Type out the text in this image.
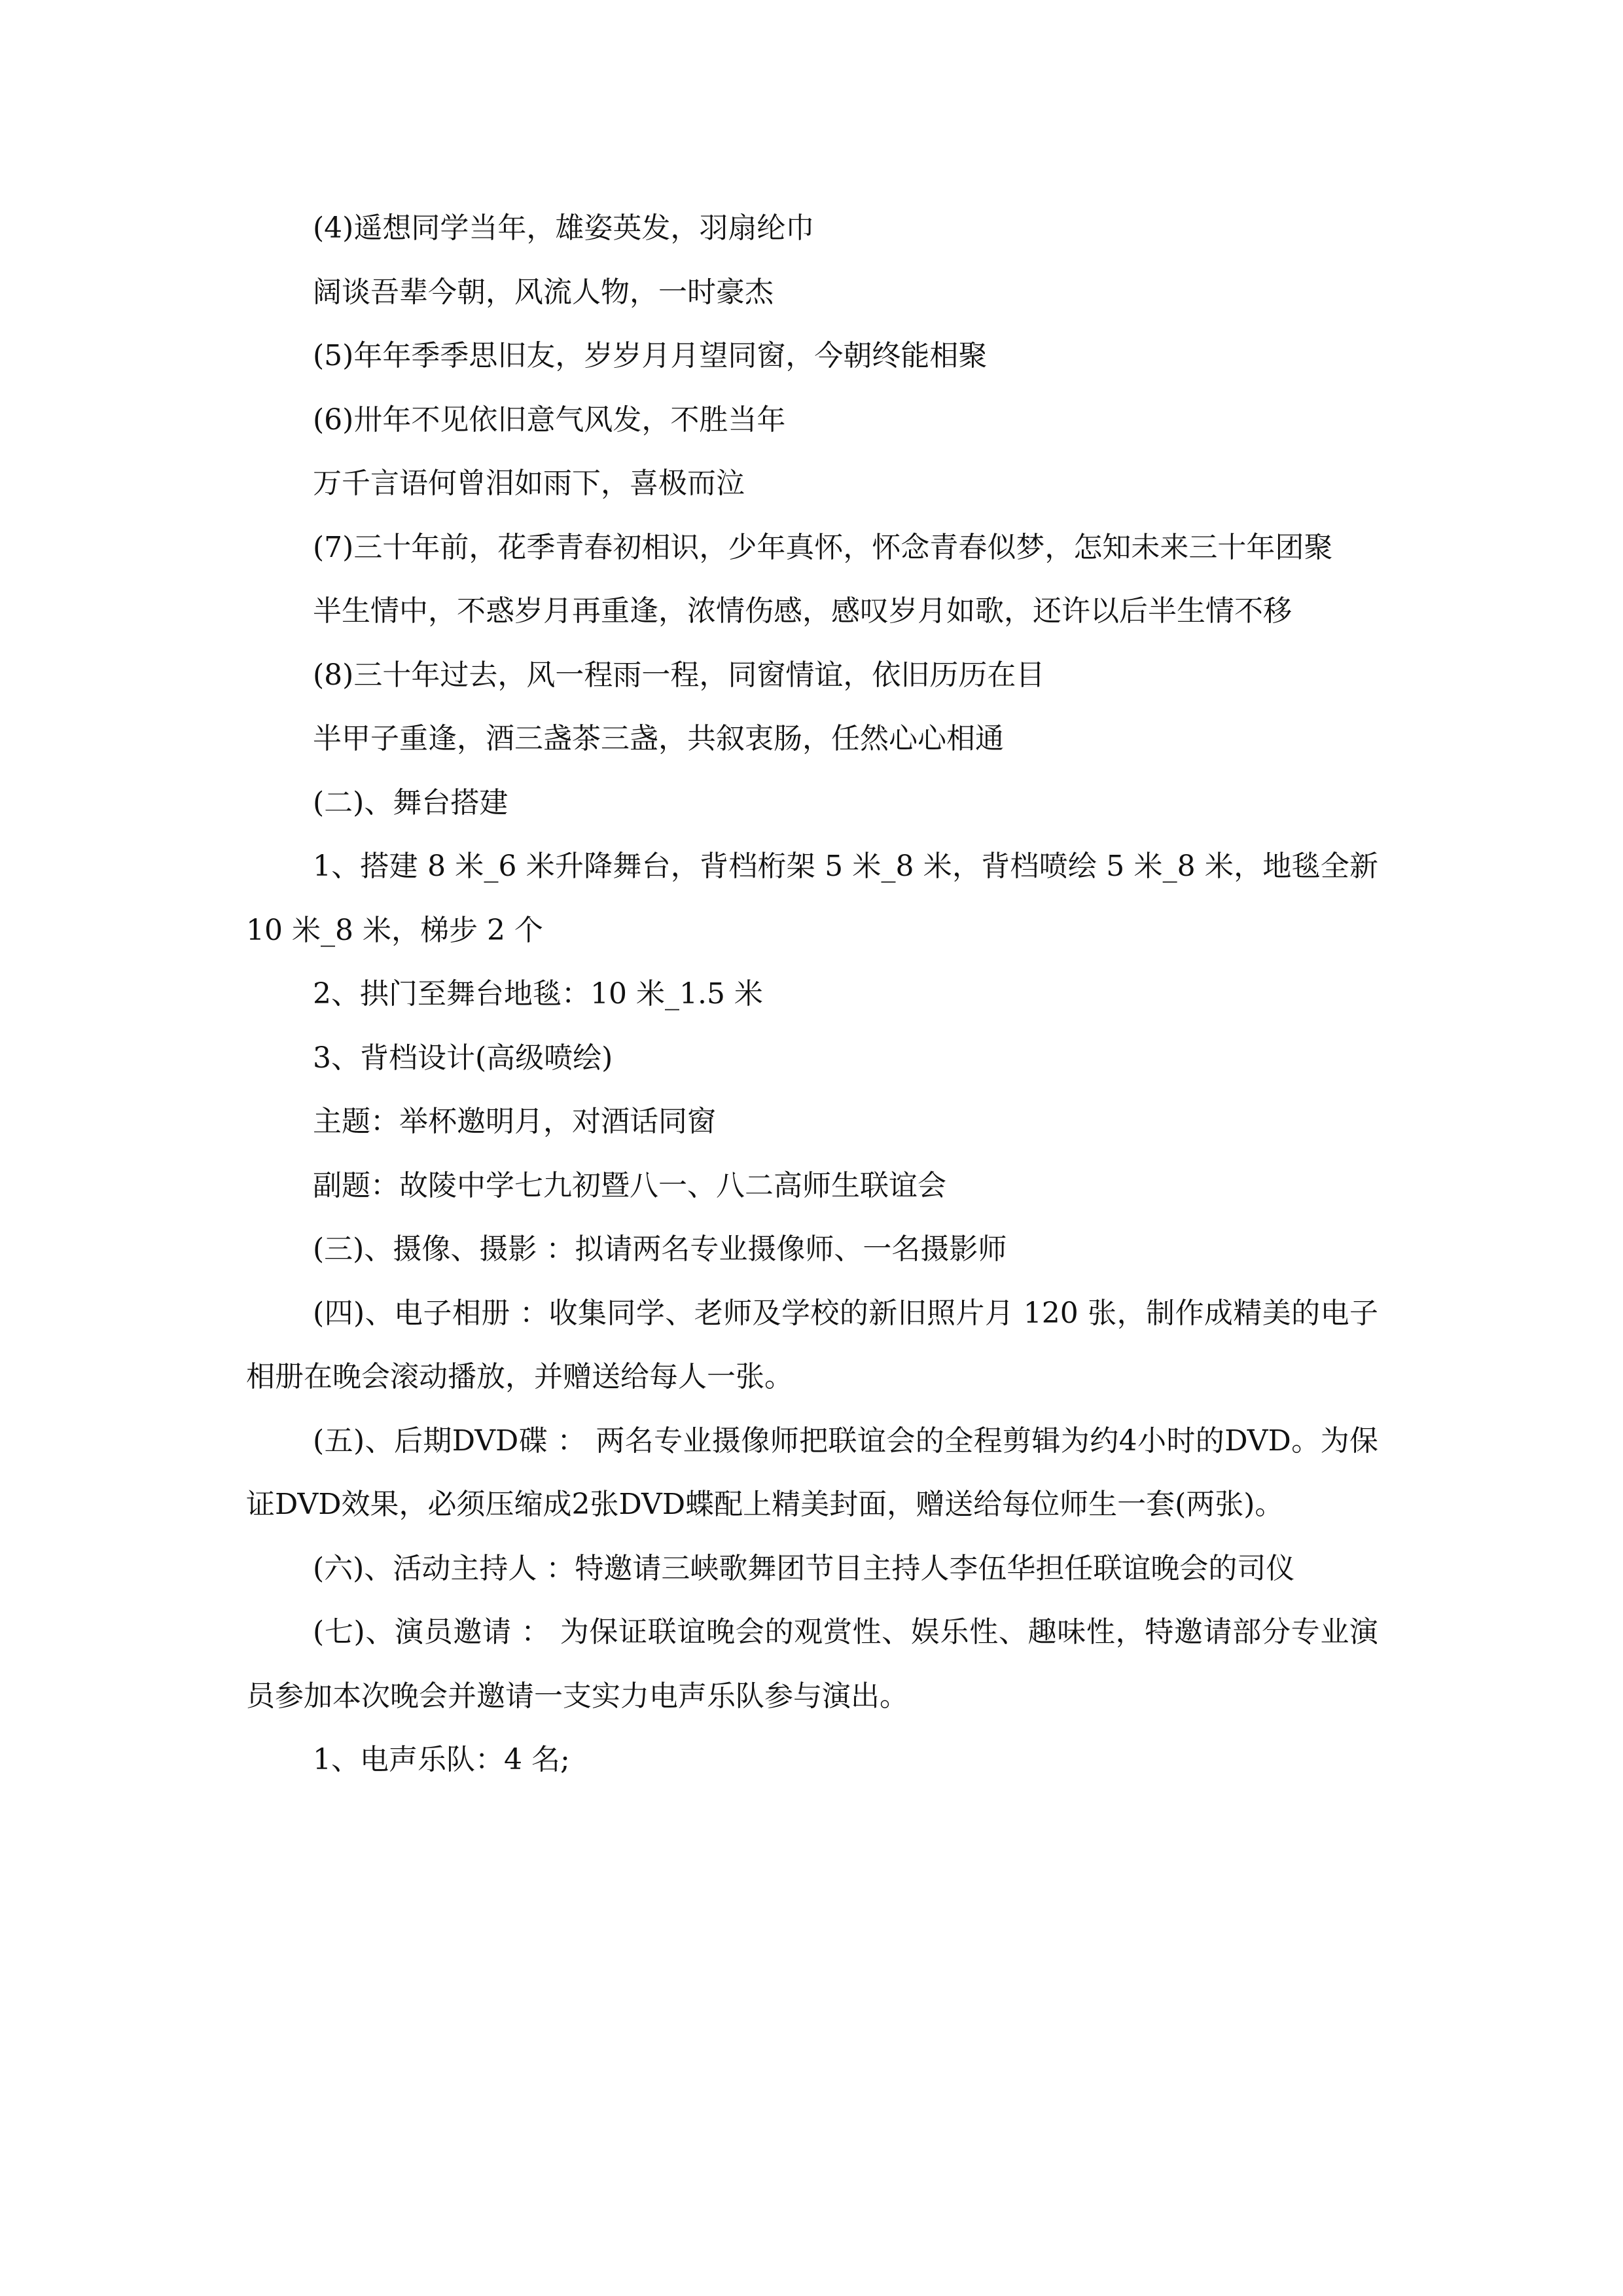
(4)遥想同学当年，雄姿英发，羽扇纶巾

阔谈吾辈今朝，风流人物，一时豪杰

(5)年年季季思旧友，岁岁月月望同窗，今朝终能相聚

(6)卅年不见依旧意气风发，不胜当年

万千言语何曾泪如雨下，喜极而泣

(7)三十年前，花季青春初相识，少年真怀，怀念青春似梦，怎知未来三十年团聚

半生情中，不惑岁月再重逢，浓情伤感，感叹岁月如歌，还许以后半生情不移

(8)三十年过去，风一程雨一程，同窗情谊，依旧历历在目

半甲子重逢，酒三盏茶三盏，共叙衷肠，任然心心相通

(二)、舞台搭建

1、搭建 8 米_6 米升降舞台，背档桁架 5 米_8 米，背档喷绘 5 米_8 米，地毯全新 10 米_8 米，梯步 2 个

2、拱门至舞台地毯：10 米_1.5 米

3、背档设计(高级喷绘)

主题：举杯邀明月，对酒话同窗

副题：故陵中学七九初暨八一、八二高师生联谊会

(三)、摄像、摄影 ：拟请两名专业摄像师、一名摄影师

(四)、电子相册 ：收集同学、老师及学校的新旧照片月 120 张，制作成精美的电子相册在晚会滚动播放，并赠送给每人一张。

(五)、后期DVD碟 ： 两名专业摄像师把联谊会的全程剪辑为约4小时的DVD。为保证DVD效果，必须压缩成2张DVD蝶配上精美封面，赠送给每位师生一套(两张)。

(六)、活动主持人 ：特邀请三峡歌舞团节目主持人李伍华担任联谊晚会的司仪

(七)、演员邀请 ： 为保证联谊晚会的观赏性、娱乐性、趣味性，特邀请部分专业演员参加本次晚会并邀请一支实力电声乐队参与演出。

1、电声乐队：4 名;
